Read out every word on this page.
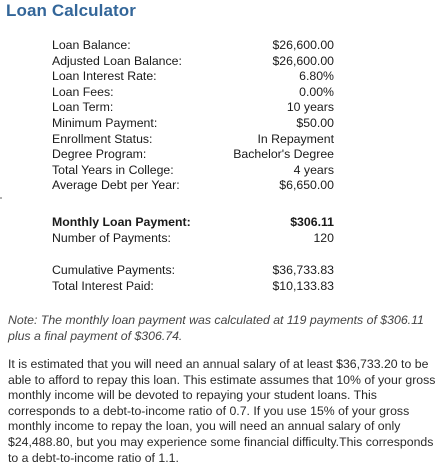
Loan Calculator
Loan Balance:	$26,600.00
Adjusted Loan Balance:	$26,600.00
Loan Interest Rate:	6.80%
Loan Fees:	0.00%
Loan Term:	10 years
Minimum Payment:	$50.00
Enrollment Status:	In Repayment
Degree Program:	Bachelor's Degree
Total Years in College:	4 years
Average Debt per Year:	$6,650.00
Monthly Loan Payment:	$306.11
Number of Payments:	120
Cumulative Payments:	$36,733.83
Total Interest Paid:	$10,133.83
Note: The monthly loan payment was calculated at 119 payments of $306.11 plus a final payment of $306.74.
It is estimated that you will need an annual salary of at least $36,733.20 to be able to afford to repay this loan. This estimate assumes that 10% of your gross monthly income will be devoted to repaying your student loans. This corresponds to a debt-to-income ratio of 0.7. If you use 15% of your gross monthly income to repay the loan, you will need an annual salary of only $24,488.80, but you may experience some financial difficulty.This corresponds to a debt-to-income ratio of 1.1.
